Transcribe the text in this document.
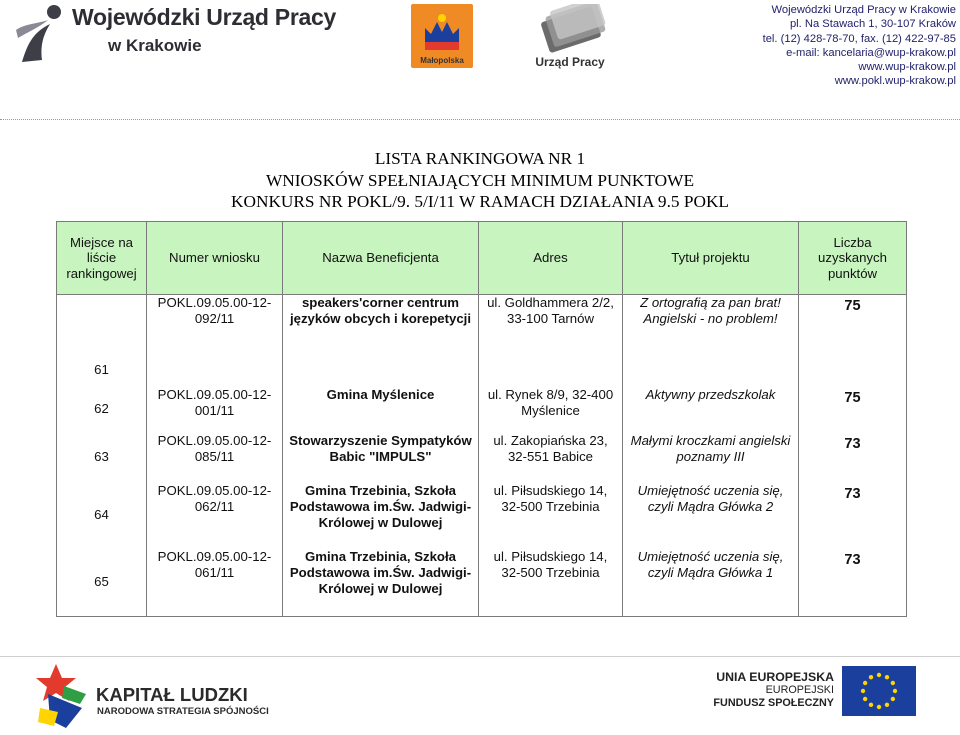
Wojewódzki Urząd Pracy
w Krakowie
Małopolska	Urząd Pracy
Wojewódzki Urząd Pracy w Krakowie
pl. Na Stawach 1, 30-107 Kraków
tel. (12) 428-78-70, fax. (12) 422-97-85
e-mail: kancelaria@wup-krakow.pl
www.wup-krakow.pl
www.pokl.wup-krakow.pl
LISTA RANKINGOWA NR 1
WNIOSKÓW SPEŁNIAJĄCYCH MINIMUM PUNKTOWE
KONKURS NR POKL/9. 5/I/11 W RAMACH DZIAŁANIA 9.5 POKL
Miejsce na liście rankingowej	Numer wniosku	Nazwa Beneficjenta	Adres	Tytuł projektu	Liczba uzyskanych punktów
61	POKL.09.05.00-12-092/11	speakers'corner centrum języków obcych i korepetycji	ul. Goldhammera 2/2, 33-100 Tarnów	Z ortografią za pan brat! Angielski - no problem!	75
62	POKL.09.05.00-12-001/11	Gmina Myślenice	ul. Rynek 8/9, 32-400 Myślenice	Aktywny przedszkolak	75
63	POKL.09.05.00-12-085/11	Stowarzyszenie Sympatyków Babic "IMPULS"	ul. Zakopiańska 23, 32-551 Babice	Małymi kroczkami angielski poznamy III	73
64	POKL.09.05.00-12-062/11	Gmina Trzebinia, Szkoła Podstawowa im.Św. Jadwigi- Królowej w Dulowej	ul. Piłsudskiego 14, 32-500 Trzebinia	Umiejętność uczenia się, czyli Mądra Główka 2	73
65	POKL.09.05.00-12-061/11	Gmina Trzebinia, Szkoła Podstawowa im.Św. Jadwigi- Królowej w Dulowej	ul. Piłsudskiego 14, 32-500 Trzebinia	Umiejętność uczenia się, czyli Mądra Główka 1	73
KAPITAŁ LUDZKI
NARODOWA STRATEGIA SPÓJNOŚCI
UNIA EUROPEJSKA
EUROPEJSKI
FUNDUSZ SPOŁECZNY
